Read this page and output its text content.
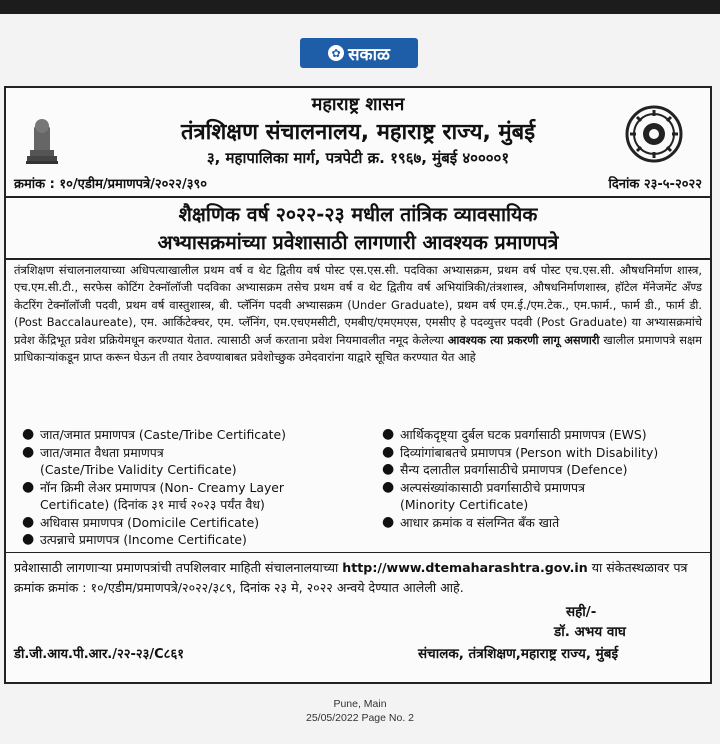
✿ सकाळ
महाराष्ट्र शासन
तंत्रशिक्षण संचालनालय, महाराष्ट्र राज्य, मुंबई
३, महापालिका मार्ग, पत्रपेटी क्र. १९६७, मुंबई ४००००१
क्रमांक : १०/एडीम/प्रमाणपत्रे/२०२२/३९०	दिनांक २३-५-२०२२
शैक्षणिक वर्ष २०२२-२३ मधील तांत्रिक व्यावसायिक
अभ्यासक्रमांच्या प्रवेशासाठी लागणारी आवश्यक प्रमाणपत्रे
तंत्रशिक्षण संचालनालयाच्या अधिपत्याखालील प्रथम वर्ष व थेट द्वितीय वर्ष पोस्ट एस.एस.सी. पदविका अभ्यासक्रम, प्रथम वर्ष पोस्ट एच.एस.सी. औषधनिर्माण शास्त्र, एच.एम.सी.टी., सरफेस कोटिंग टेक्नॉलॉजी पदविका अभ्यासक्रम तसेच प्रथम वर्ष व थेट द्वितीय वर्ष अभियांत्रिकी/तंत्रशास्त्र, औषधनिर्माणशास्त्र, हॉटेल मॅनेजमेंट अँण्ड केटरिंग टेक्नॉलॉजी पदवी, प्रथम वर्ष वास्तुशास्त्र, बी. प्लॅनिंग पदवी अभ्यासक्रम (Under Graduate), प्रथम वर्ष एम.ई./एम.टेक., एम.फार्म., फार्म डी., फार्म डी. (Post Baccalaureate), एम. आर्किटेक्चर, एम. प्लॅनिंग, एम.एचएमसीटी, एमबीए/एमएमएस, एमसीए हे पदव्युत्तर पदवी (Post Graduate) या अभ्यासक्रमांचे प्रवेश केंद्रिभूत प्रवेश प्रक्रियेमधून करण्यात येतात. त्यासाठी अर्ज करताना प्रवेश नियमावलीत नमूद केलेल्या आवश्यक त्या प्रकरणी लागू असणारी खालील प्रमाणपत्रे सक्षम प्राधिकाऱ्यांकडून प्राप्त करून घेऊन ती तयार ठेवण्याबाबत प्रवेशोच्छुक उमेदवारांना याद्वारे सूचित करण्यात येत आहे
● जात/जमात प्रमाणपत्र (Caste/Tribe Certificate)
● जात/जमात वैधता प्रमाणपत्र
(Caste/Tribe Validity Certificate)
● नॉन क्रिमी लेअर प्रमाणपत्र (Non- Creamy Layer
Certificate) (दिनांक ३१ मार्च २०२३ पर्यंत वैध)
● अधिवास प्रमाणपत्र (Domicile Certificate)
● उत्पन्नाचे प्रमाणपत्र (Income Certificate)
● आर्थिकदृष्ट्या दुर्बल घटक प्रवर्गासाठी प्रमाणपत्र (EWS)
● दिव्यांगांबाबतचे प्रमाणपत्र (Person with Disability)
● सैन्य दलातील प्रवर्गासाठीचे प्रमाणपत्र (Defence)
● अल्पसंख्यांकासाठी प्रवर्गासाठीचे प्रमाणपत्र
(Minority Certificate)
● आधार क्रमांक व संलग्नित बँक खाते
प्रवेशासाठी लागणाऱ्या प्रमाणपत्रांची तपशिलवार माहिती संचालनालयाच्या http://www.dtemaharashtra.gov.in या संकेतस्थळावर पत्र क्रमांक क्रमांक : १०/एडीम/प्रमाणपत्रे/२०२२/३८९, दिनांक २३ मे, २०२२ अन्वये देण्यात आलेली आहे.
सही/-
डॉ. अभय वाघ
डी.जी.आय.पी.आर./२२-२३/C८६१	संचालक, तंत्रशिक्षण,महाराष्ट्र राज्य, मुंबई
Pune, Main
25/05/2022 Page No. 2
